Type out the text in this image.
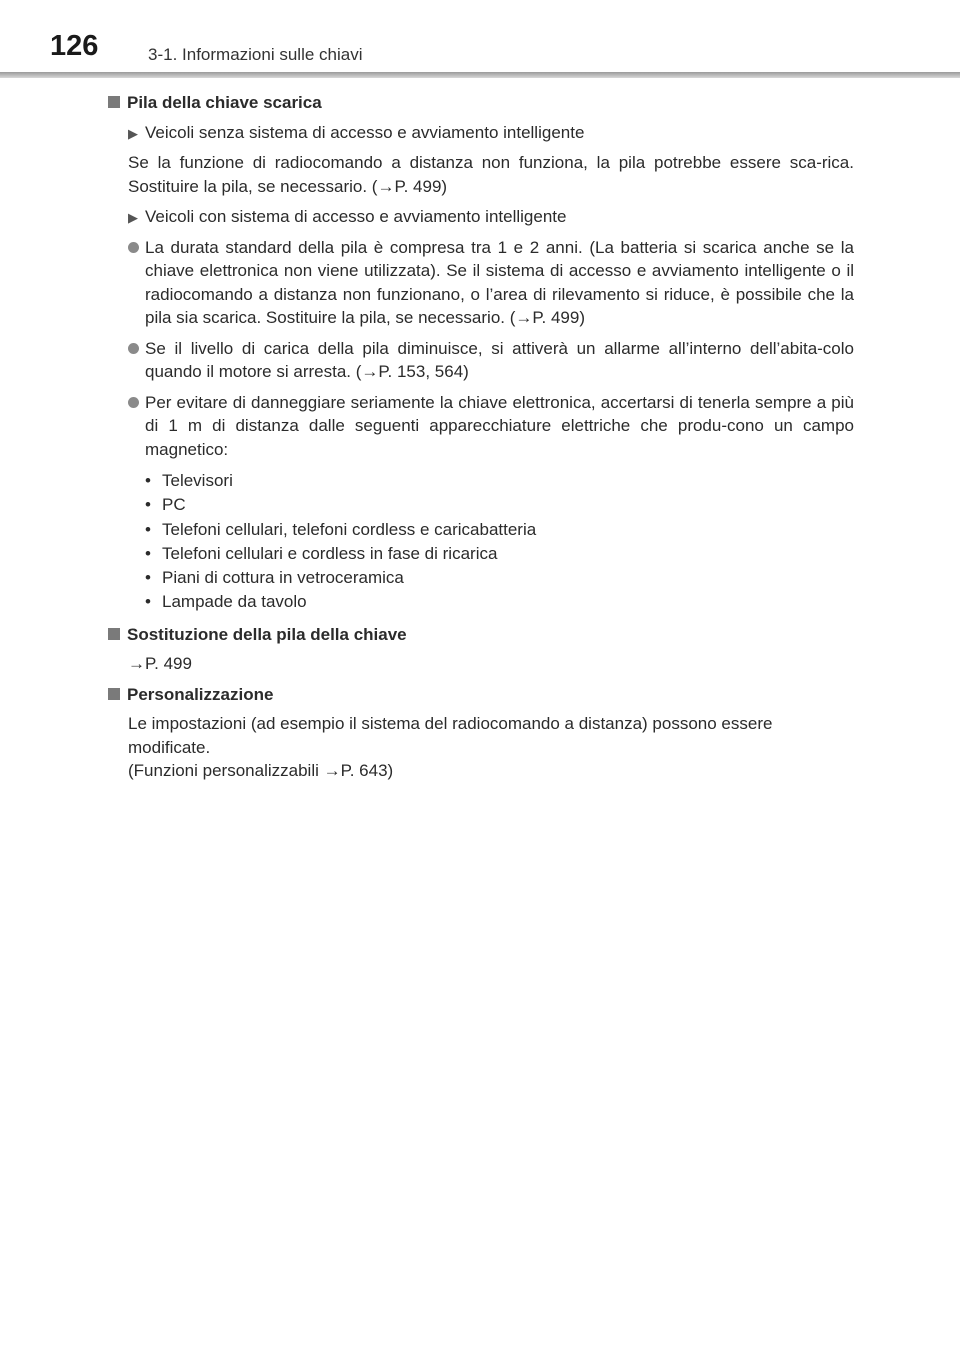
126	3-1. Informazioni sulle chiavi
Pila della chiave scarica
▶ Veicoli senza sistema di accesso e avviamento intelligente
Se la funzione di radiocomando a distanza non funziona, la pila potrebbe essere sca-rica. Sostituire la pila, se necessario. (→P. 499)
▶ Veicoli con sistema di accesso e avviamento intelligente
La durata standard della pila è compresa tra 1 e 2 anni. (La batteria si scarica anche se la chiave elettronica non viene utilizzata). Se il sistema di accesso e avviamento intelligente o il radiocomando a distanza non funzionano, o l’area di rilevamento si riduce, è possibile che la pila sia scarica. Sostituire la pila, se necessario. (→P. 499)
Se il livello di carica della pila diminuisce, si attiverà un allarme all’interno dell’abita-colo quando il motore si arresta. (→P. 153, 564)
Per evitare di danneggiare seriamente la chiave elettronica, accertarsi di tenerla sempre a più di 1 m di distanza dalle seguenti apparecchiature elettriche che produ-cono un campo magnetico:
• Televisori
• PC
• Telefoni cellulari, telefoni cordless e caricabatteria
• Telefoni cellulari e cordless in fase di ricarica
• Piani di cottura in vetroceramica
• Lampade da tavolo
Sostituzione della pila della chiave
→P. 499
Personalizzazione
Le impostazioni (ad esempio il sistema del radiocomando a distanza) possono essere modificate.
(Funzioni personalizzabili →P. 643)
